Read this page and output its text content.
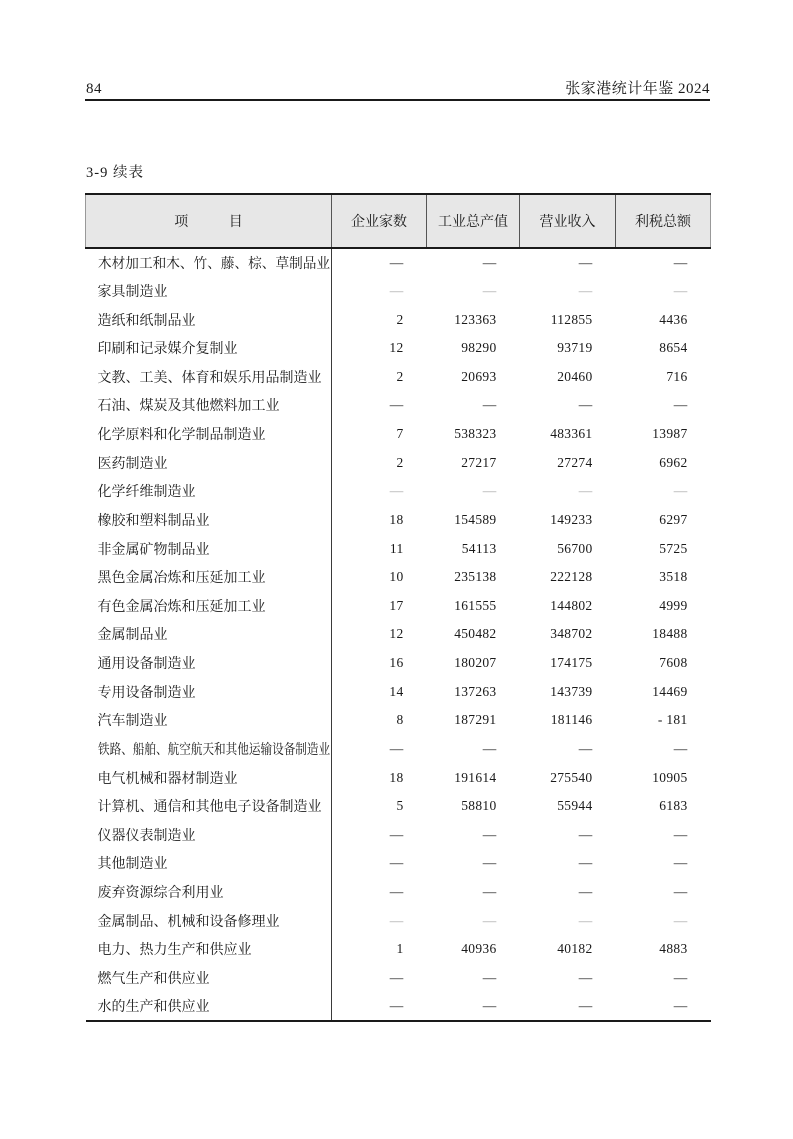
84	张家港统计年鉴 2024
3-9 续表
项目	企业家数	工业总产值	营业收入	利税总额
木材加工和木、竹、藤、棕、草制品业	—	—	—	—
家具制造业	—	—	—	—
造纸和纸制品业	2	123363	112855	4436
印刷和记录媒介复制业	12	98290	93719	8654
文教、工美、体育和娱乐用品制造业	2	20693	20460	716
石油、煤炭及其他燃料加工业	—	—	—	—
化学原料和化学制品制造业	7	538323	483361	13987
医药制造业	2	27217	27274	6962
化学纤维制造业	—	—	—	—
橡胶和塑料制品业	18	154589	149233	6297
非金属矿物制品业	11	54113	56700	5725
黑色金属冶炼和压延加工业	10	235138	222128	3518
有色金属冶炼和压延加工业	17	161555	144802	4999
金属制品业	12	450482	348702	18488
通用设备制造业	16	180207	174175	7608
专用设备制造业	14	137263	143739	14469
汽车制造业	8	187291	181146	- 181
铁路、船舶、航空航天和其他运输设备制造业	—	—	—	—
电气机械和器材制造业	18	191614	275540	10905
计算机、通信和其他电子设备制造业	5	58810	55944	6183
仪器仪表制造业	—	—	—	—
其他制造业	—	—	—	—
废弃资源综合利用业	—	—	—	—
金属制品、机械和设备修理业	—	—	—	—
电力、热力生产和供应业	1	40936	40182	4883
燃气生产和供应业	—	—	—	—
水的生产和供应业	—	—	—	—
